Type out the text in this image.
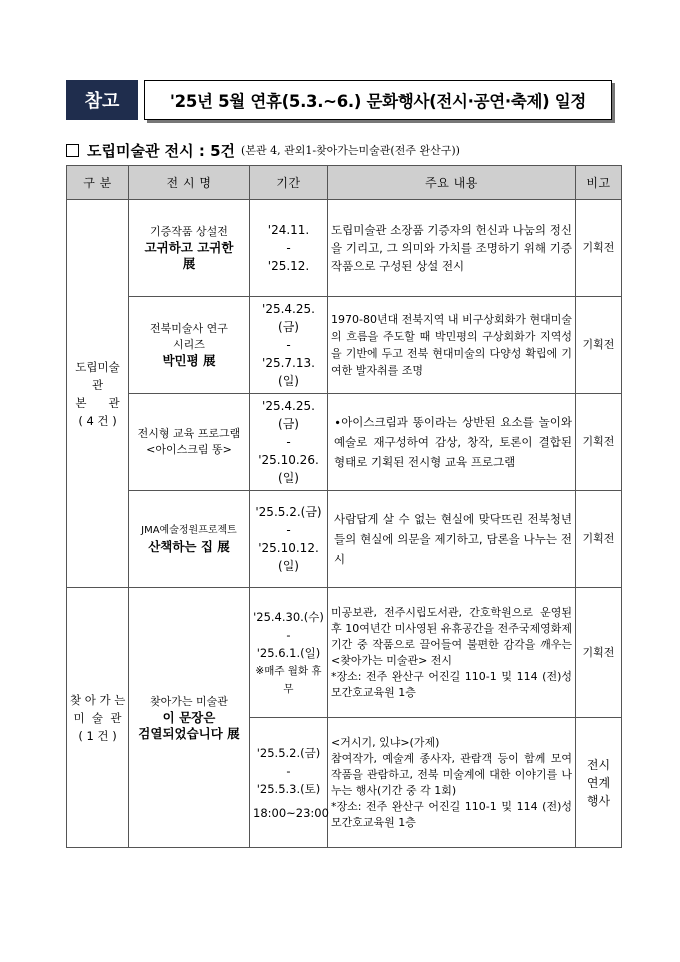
참고	'25년 5월 연휴(5.3.~6.) 문화행사(전시·공연·축제) 일정
도립미술관 전시 : 5건 (본관 4, 관외1-찾아가는미술관(전주 완산구))
구 분	전 시 명	기간	주요 내용	비고

도립미술관
본      관
( 4 건 )	기증작품 상설전
고귀하고 고귀한
展	'24.11.
-
'25.12.	도립미술관 소장품 기증자의 헌신과 나눔의 정신을 기리고, 그 의미와 가치를 조명하기 위해 기증작품으로 구성된 상설 전시	기획전

	전북미술사 연구
시리즈
박민평 展	'25.4.25.(금)
-
'25.7.13.(일)	1970-80년대 전북지역 내 비구상회화가 현대미술의 흐름을 주도할 때 박민평의 구상회화가 지역성을 기반에 두고 전북 현대미술의 다양성 확립에 기여한 발자취를 조명	기획전

	전시형 교육 프로그램
<아이스크림 똥>	'25.4.25.(금)
-
'25.10.26.(일)	∙아이스크림과 똥이라는 상반된 요소를 놀이와 예술로 재구성하여 감상, 창작, 토론이 결합된 형태로 기획된 전시형 교육 프로그램	기획전

	JMA예술정원프로젝트
산책하는 집 展	'25.5.2.(금)
-
'25.10.12.(일)	사람답게 살 수 없는 현실에 맞닥뜨린 전북청년들의 현실에 의문을 제기하고, 담론을 나누는 전시	기획전

찾 아 가 는
미  술  관
( 1 건 )	찾아가는 미술관
이 문장은
검열되었습니다 展	'25.4.30.(수)
-
'25.6.1.(일)
※매주 월화 휴무	미공보관, 전주시립도서관, 간호학원으로 운영된 후 10여년간 미사영된 유휴공간을 전주국제영화제 기간 중 작품으로 끌어들여 불편한 감각을 깨우는 <찾아가는 미술관> 전시
*장소: 전주 완산구 어진길 110-1 및 114 (전)성모간호교육원 1층	기획전

		'25.5.2.(금)
-
'25.5.3.(토)
18:00~23:00	<거시기, 있냐>(가제)
참여작가, 예술계 종사자, 관람객 등이 함께 모여 작품을 관람하고, 전북 미술계에 대한 이야기를 나누는 행사(기간 중 각 1회)
*장소: 전주 완산구 어진길 110-1 및 114 (전)성모간호교육원 1층	전시
연계
행사
